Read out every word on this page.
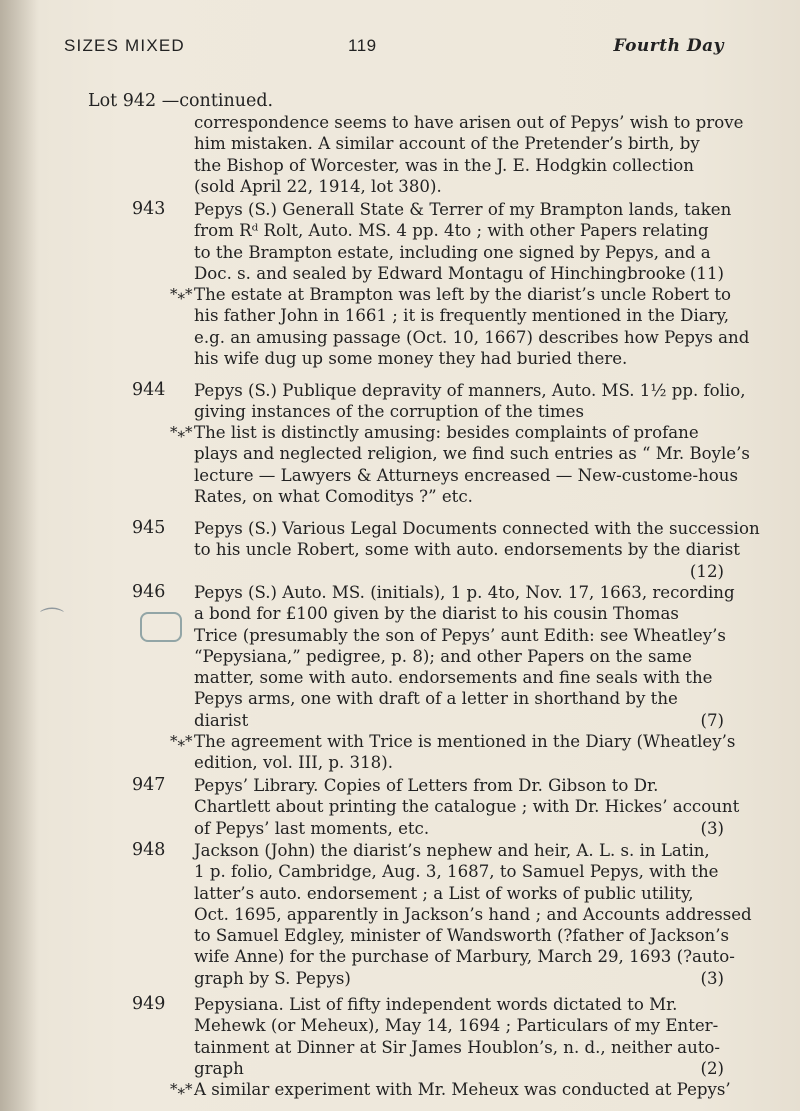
⌒
SIZES MIXED	119	Fourth Day
Lot 942 —continued.
correspondence seems to have arisen out of Pepys’ wish to prove
him mistaken. A similar account of the Pretender’s birth, by
the Bishop of Worcester, was in the J. E. Hodgkin collection
(sold April 22, 1914, lot 380).
943 Pepys (S.) Generall State & Terrer of my Brampton lands, taken
from Rᵈ Rolt, Auto. MS. 4 pp. 4to ; with other Papers relating
to the Brampton estate, including one signed by Pepys, and a
Doc. s. and sealed by Edward Montagu of Hinchingbrooke (11)
*⁎* The estate at Brampton was left by the diarist’s uncle Robert to
his father John in 1661 ; it is frequently mentioned in the Diary,
e.g. an amusing passage (Oct. 10, 1667) describes how Pepys and
his wife dug up some money they had buried there.
944 Pepys (S.) Publique depravity of manners, Auto. MS. 1½ pp. folio,
giving instances of the corruption of the times
*⁎* The list is distinctly amusing: besides complaints of profane
plays and neglected religion, we find such entries as “ Mr. Boyle’s
lecture — Lawyers & Atturneys encreased — New-custome-hous
Rates, on what Comoditys ?” etc.
945 Pepys (S.) Various Legal Documents connected with the succession
to his uncle Robert, some with auto. endorsements by the diarist
(12)
946 Pepys (S.) Auto. MS. (initials), 1 p. 4to, Nov. 17, 1663, recording
a bond for £100 given by the diarist to his cousin Thomas
Trice (presumably the son of Pepys’ aunt Edith: see Wheatley’s
“Pepysiana,” pedigree, p. 8); and other Papers on the same
matter, some with auto. endorsements and fine seals with the
Pepys arms, one with draft of a letter in shorthand by the
diarist	(7)
*⁎* The agreement with Trice is mentioned in the Diary (Wheatley’s
edition, vol. III, p. 318).
947 Pepys’ Library. Copies of Letters from Dr. Gibson to Dr.
Chartlett about printing the catalogue ; with Dr. Hickes’ account
of Pepys’ last moments, etc.	(3)
948 Jackson (John) the diarist’s nephew and heir, A. L. s. in Latin,
1 p. folio, Cambridge, Aug. 3, 1687, to Samuel Pepys, with the
latter’s auto. endorsement ; a List of works of public utility,
Oct. 1695, apparently in Jackson’s hand ; and Accounts addressed
to Samuel Edgley, minister of Wandsworth (?father of Jackson’s
wife Anne) for the purchase of Marbury, March 29, 1693 (?auto-
graph by S. Pepys)	(3)
949 Pepysiana. List of fifty independent words dictated to Mr.
Mehewk (or Meheux), May 14, 1694 ; Particulars of my Enter-
tainment at Dinner at Sir James Houblon’s, n. d., neither auto-
graph	(2)
*⁎* A similar experiment with Mr. Meheux was conducted at Pepys’
